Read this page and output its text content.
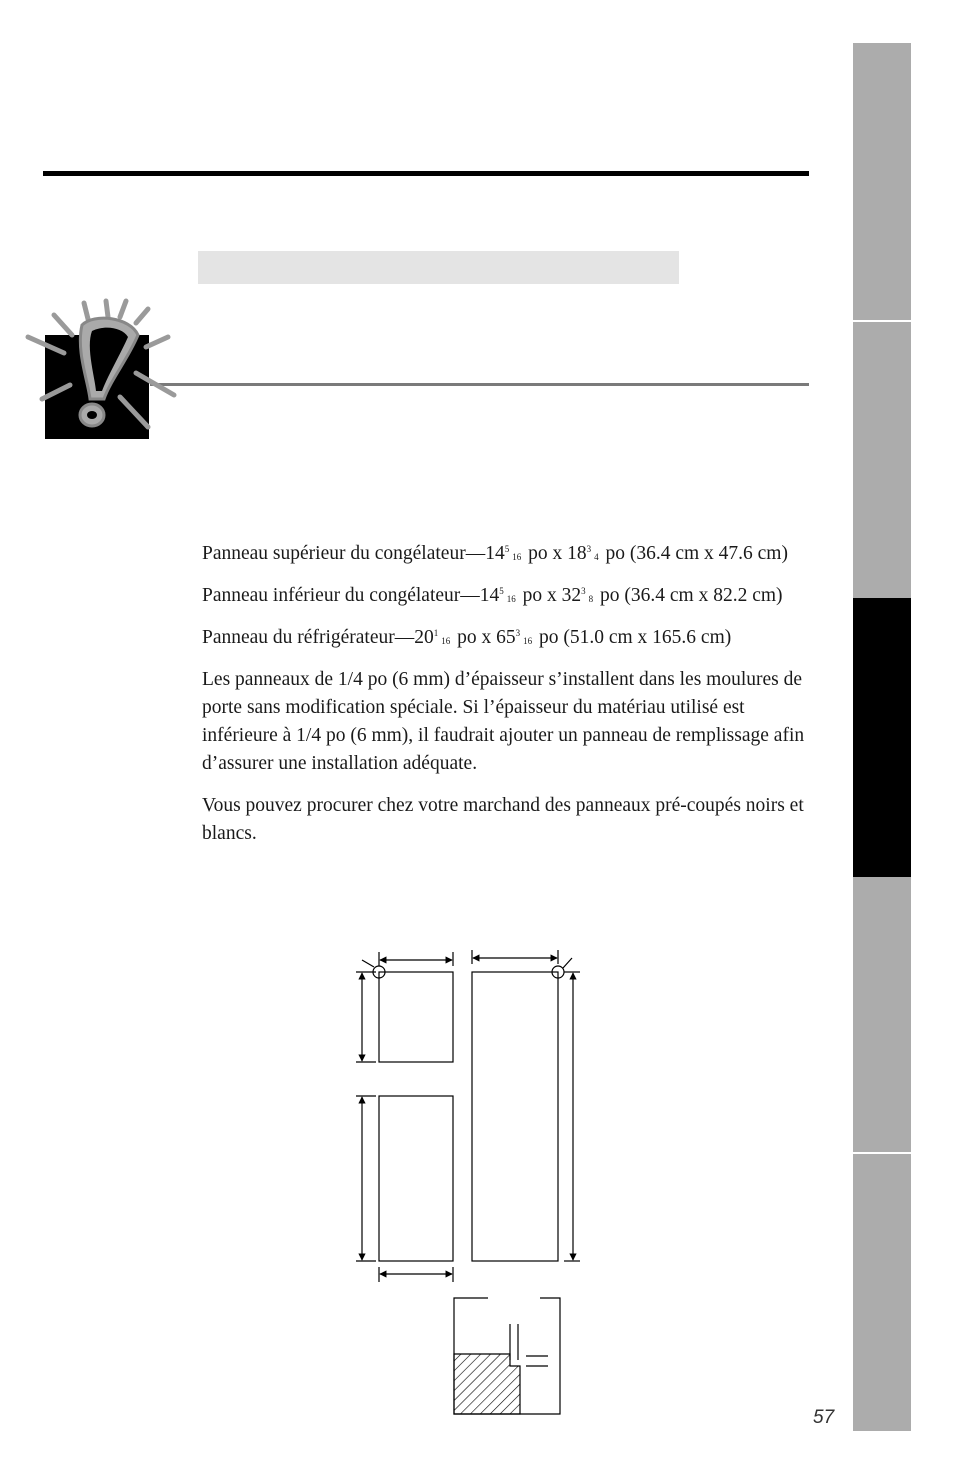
Panneau supérieur du $congélateur—14^5_{16}$ po x $18^3_4$ po (36.4 cm x 47.6 cm)

Panneau inférieur du $congélateur—14^5_{16}$ po x $32^3_8$ po (36.4 cm x 82.2 cm)

Panneau du $réfrigérateur—20^1_{16}$ po x $65^3_{16}$ po (51.0 cm x 165.6 cm)

Les panneaux de 1/4 po (6 mm) d’épaisseur s’installent dans les moulures de porte sans modification spéciale. Si l’épaisseur du matériau utilisé est inférieure à 1/4 po (6 mm), il faudrait ajouter un panneau de remplissage afin d’assurer une installation adéquate.

Vous pouvez procurer chez votre marchand des panneaux pré-coupés noirs et blancs.

57
